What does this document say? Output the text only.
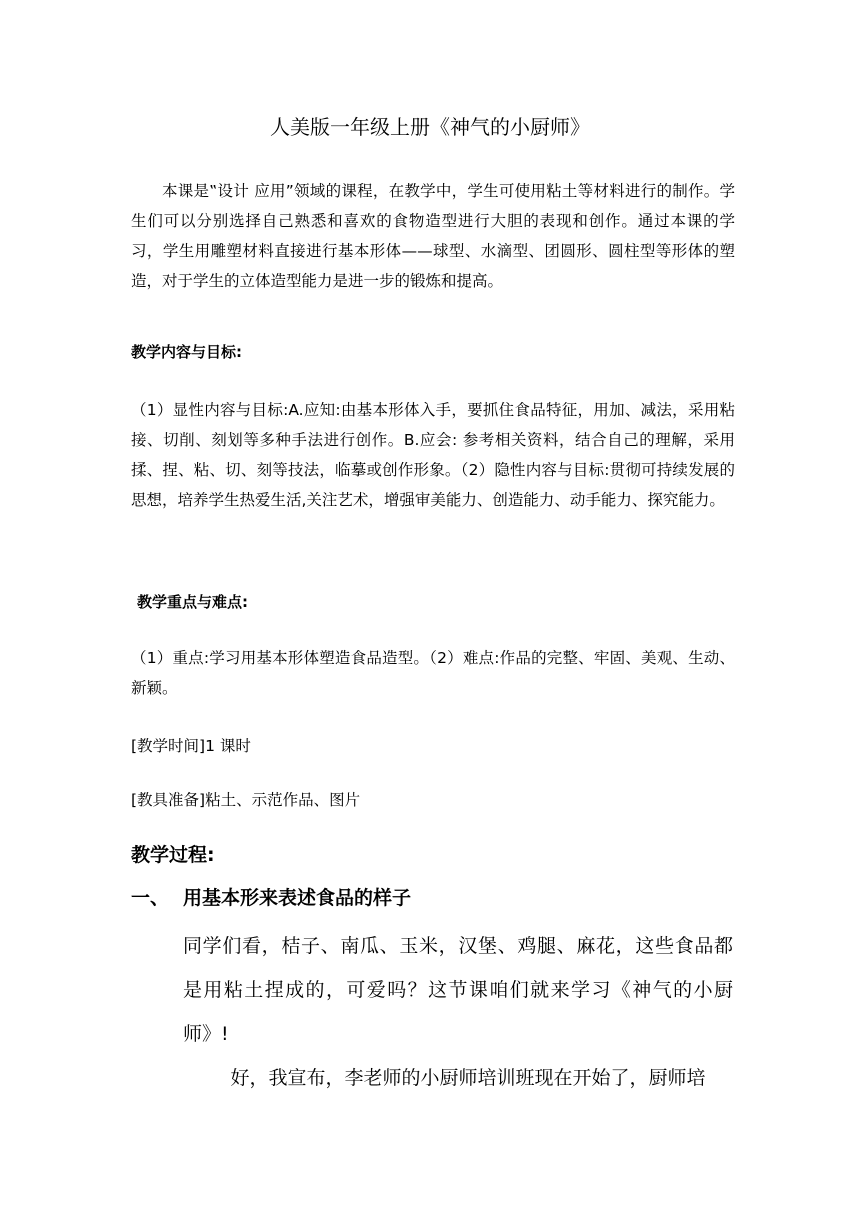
人美版一年级上册《神气的小厨师》
本课是‟设计 应用”领域的课程，在教学中，学生可使用粘土等材料进行的制作。学生们可以分别选择自己熟悉和喜欢的食物造型进行大胆的表现和创作。通过本课的学习，学生用雕塑材料直接进行基本形体——球型、水滴型、团圆形、圆柱型等形体的塑造，对于学生的立体造型能力是进一步的锻炼和提高。
教学内容与目标:
（1）显性内容与目标:A.应知:由基本形体入手，要抓住食品特征，用加、减法，采用粘接、切削、刻划等多种手法进行创作。B.应会: 参考相关资料，结合自己的理解，采用揉、捏、粘、切、刻等技法，临摹或创作形象。（2）隐性内容与目标:贯彻可持续发展的思想，培养学生热爱生活,关注艺术，增强审美能力、创造能力、动手能力、探究能力。
教学重点与难点:
（1）重点:学习用基本形体塑造食品造型。（2）难点:作品的完整、牢固、美观、生动、新颖。
[教学时间]1 课时
[教具准备]粘土、示范作品、图片
教学过程:
一、 用基本形来表述食品的样子
同学们看，桔子、南瓜、玉米，汉堡、鸡腿、麻花，这些食品都是用粘土捏成的，可爱吗？这节课咱们就来学习《神气的小厨师》!
好，我宣布，李老师的小厨师培训班现在开始了，厨师培
